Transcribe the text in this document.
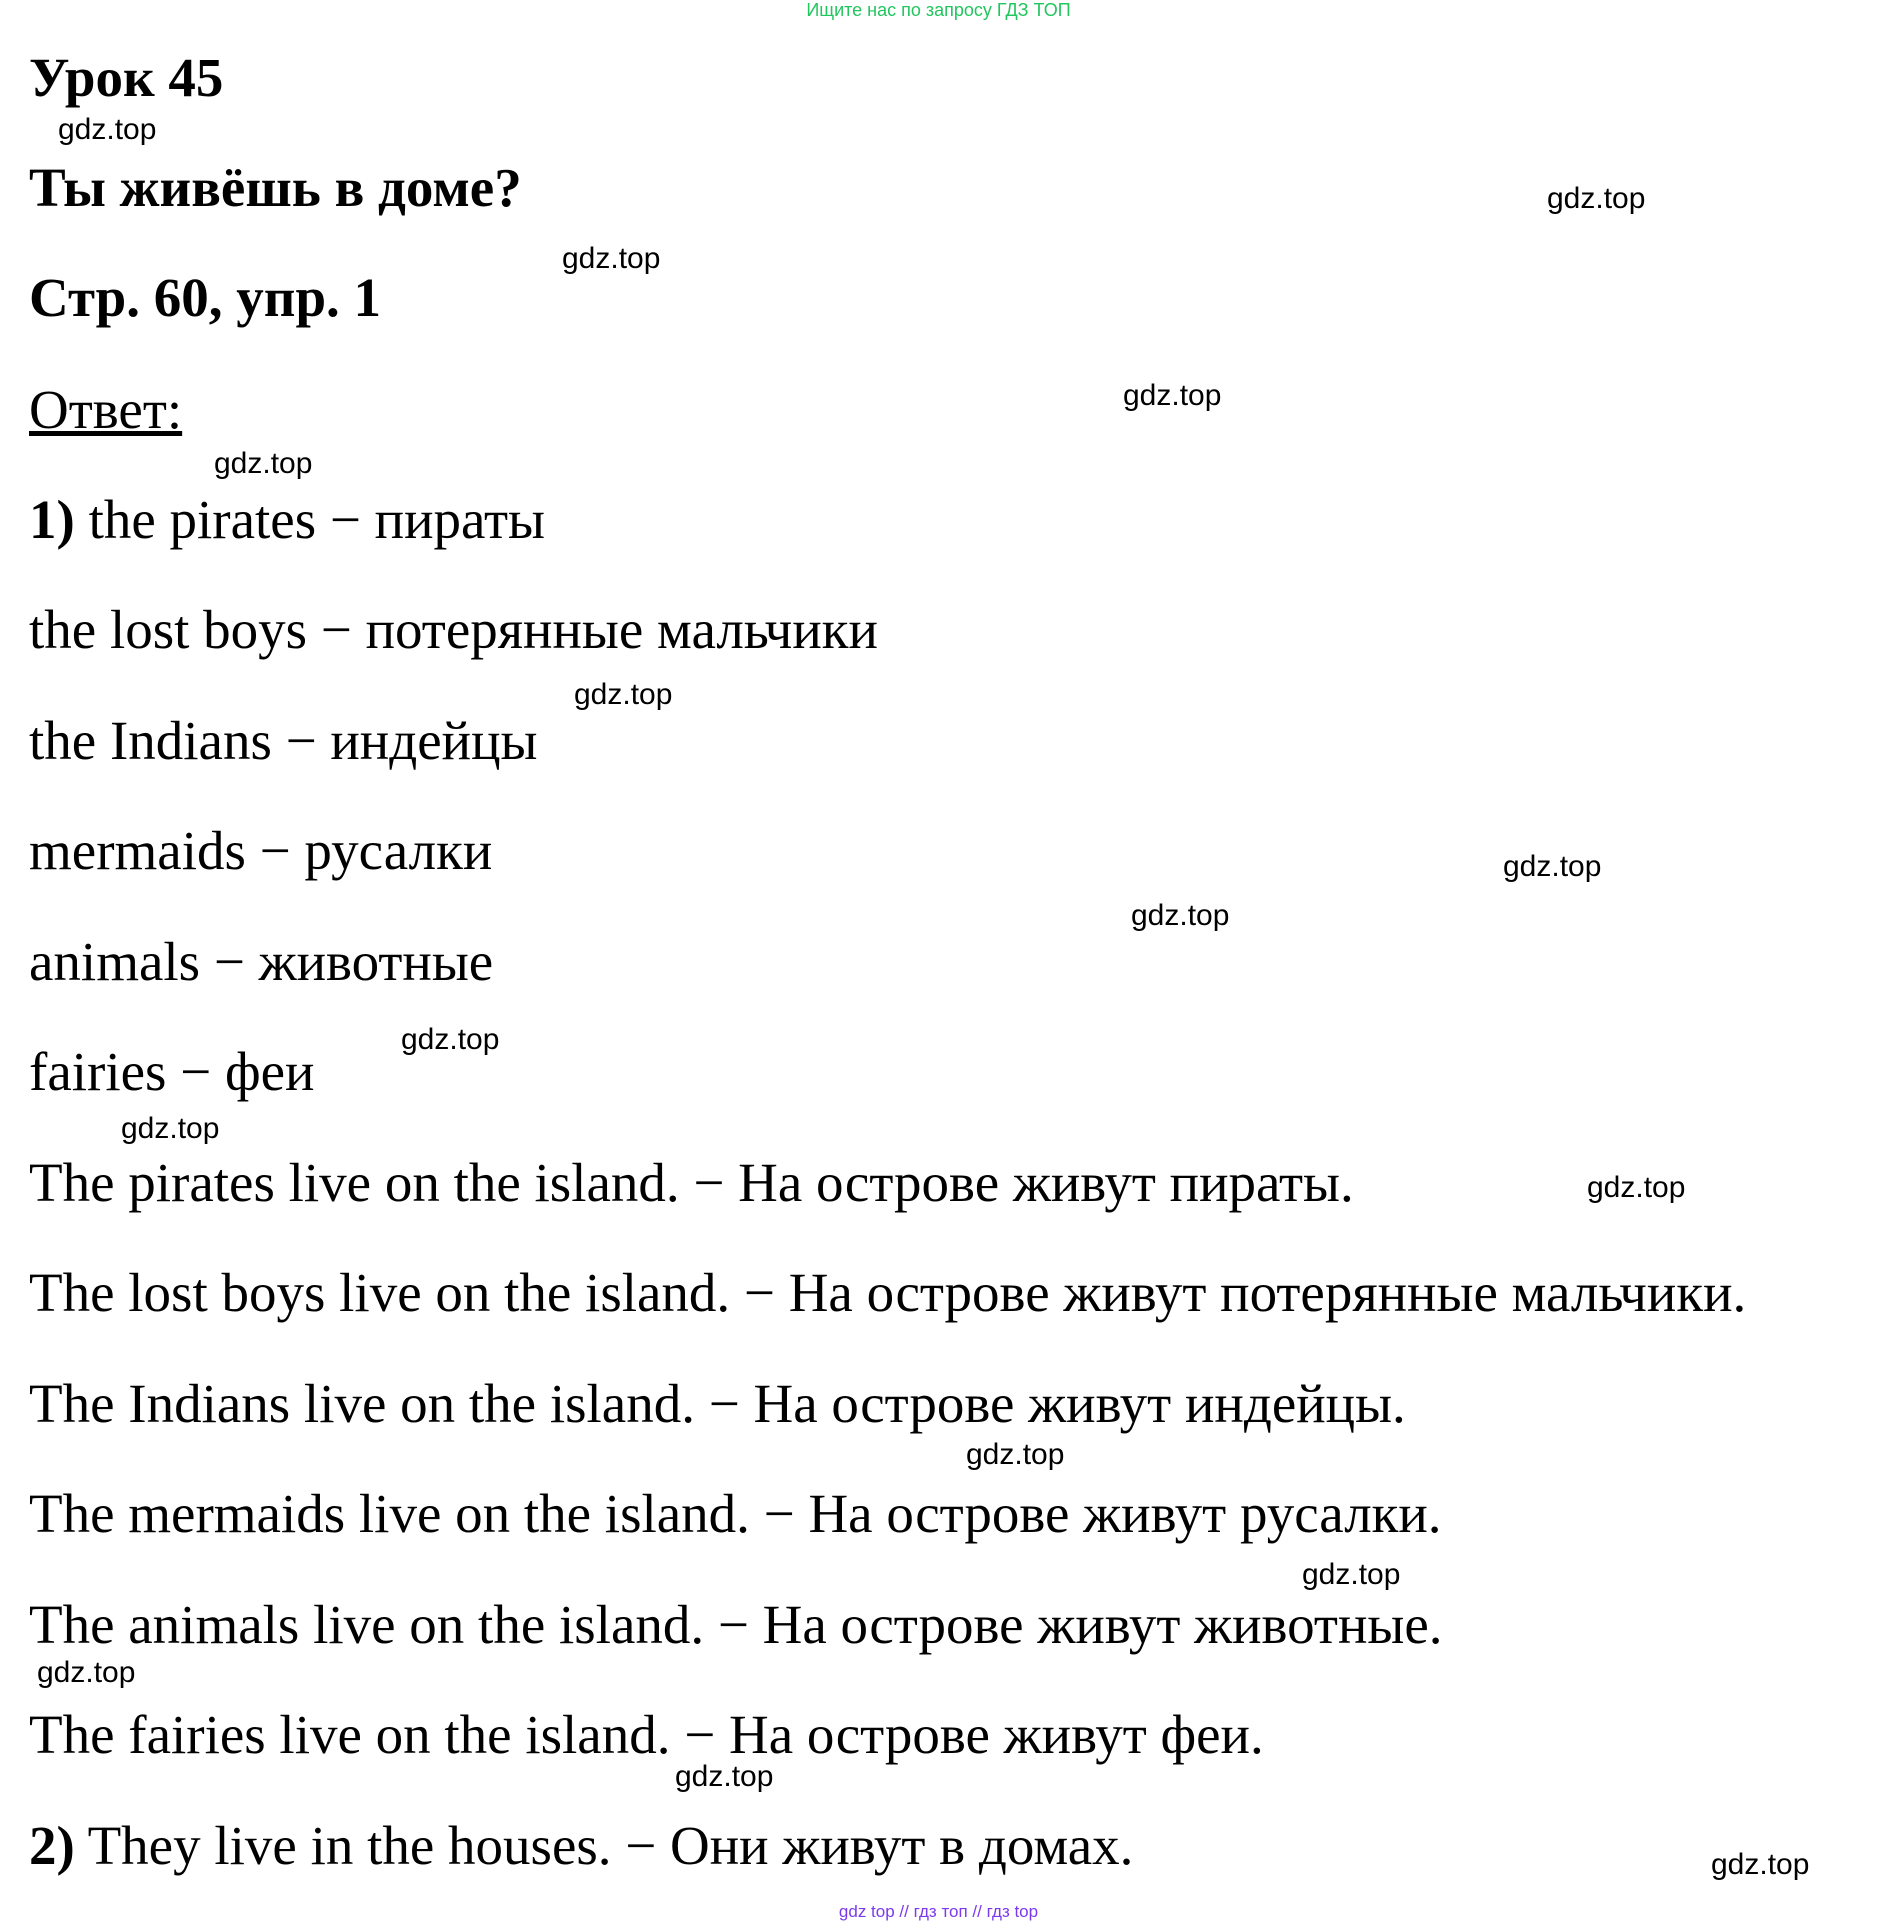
Ищите нас по запросу ГДЗ ТОП
Урок 45
Ты живёшь в доме?
Стр. 60, упр. 1
Ответ:
1) the pirates − пираты
the lost boys − потерянные мальчики
the Indians − индейцы
mermaids − русалки
animals − животные
fairies − феи
The pirates live on the island. − На острове живут пираты.
The lost boys live on the island. − На острове живут потерянные мальчики.
The Indians live on the island. − На острове живут индейцы.
The mermaids live on the island. − На острове живут русалки.
The animals live on the island. − На острове живут животные.
The fairies live on the island. − На острове живут феи.
2) They live in the houses. − Они живут в домах.
gdz.top
gdz.top
gdz.top
gdz.top
gdz.top
gdz.top
gdz.top
gdz.top
gdz.top
gdz.top
gdz.top
gdz.top
gdz.top
gdz.top
gdz.top
gdz.top
gdz top // гдз топ // гдз top
